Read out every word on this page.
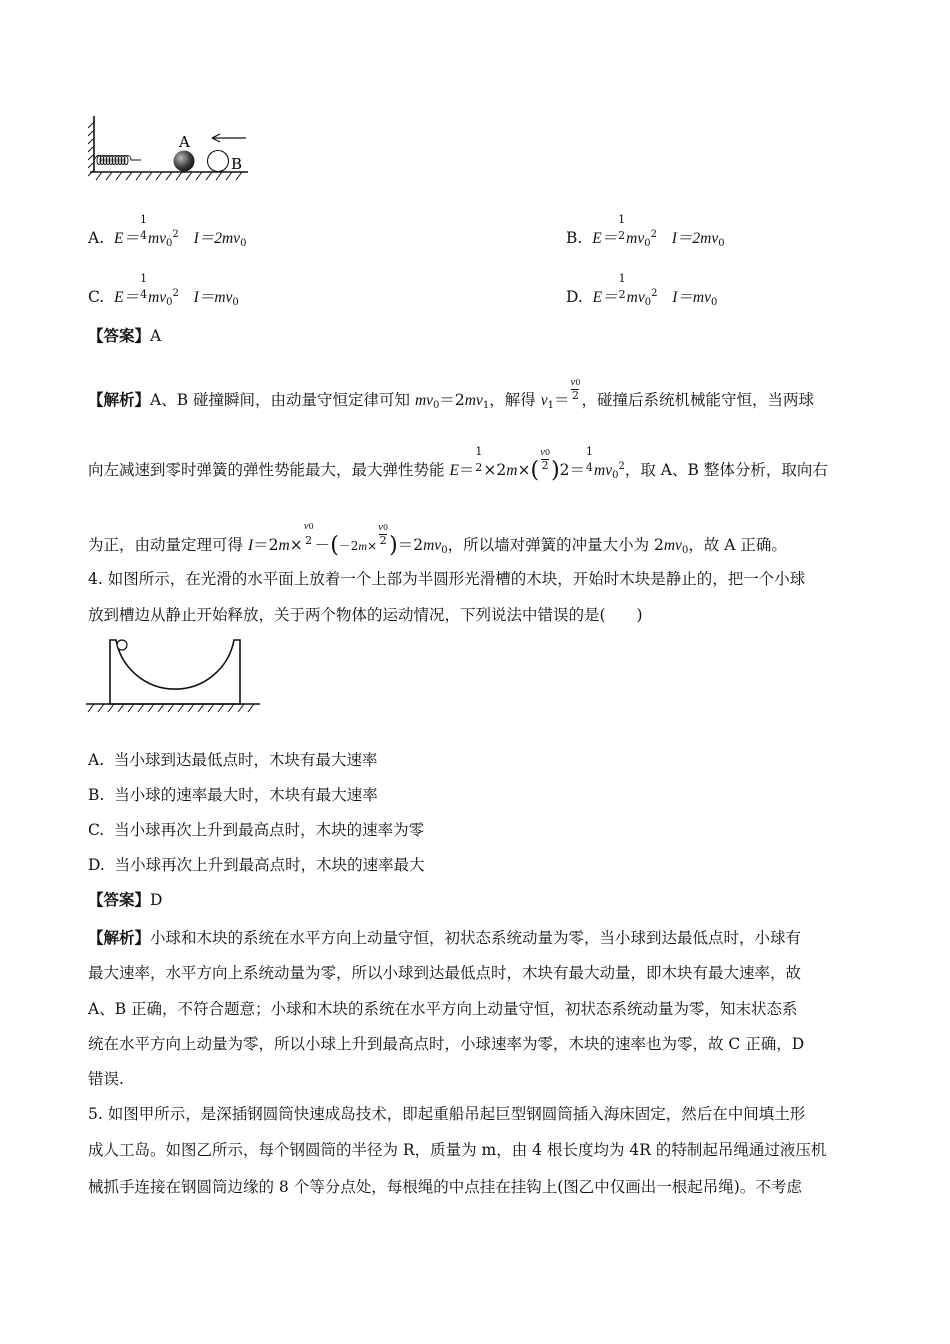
A
B
A. E＝
1
4 $mv_0^2$ $I=2mv_0$	B. E＝
1
2 $mv_0^2$ $I=2mv_0$
C. E＝
1
4 $mv_0^2$ $I=mv_0$	D. E＝
1
2 $mv_0^2$ $I=mv_0$
【答案】A
【解析】A、B 碰撞瞬间，由动量守恒定律可知 $mv_0=2mv_1$，解得 $v_1= \frac{v0}{2}$ ，碰撞后系统机械能守恒，当两球
向左减速到零时弹簧的弹性势能最大，最大弹性势能 E＝
1
$2 \times 2m\times( \frac{v0}{2} )2=$
1
4 $mv_0^2$，取 A、B 整体分析，取向右
为正，由动量定理可得 I＝2m×
v0
$2 -(-2m\times \frac{v0}{2} )=2mv_0$，所以墙对弹簧的冲量大小为 $2mv_0$，故 A 正确。
4. 如图所示，在光滑的水平面上放着一个上部为半圆形光滑槽的木块，开始时木块是静止的，把一个小球
放到槽边从静止开始释放，关于两个物体的运动情况，下列说法中错误的是(　　)
A. 当小球到达最低点时，木块有最大速率
B. 当小球的速率最大时，木块有最大速率
C. 当小球再次上升到最高点时，木块的速率为零
D. 当小球再次上升到最高点时，木块的速率最大
【答案】D
【解析】小球和木块的系统在水平方向上动量守恒，初状态系统动量为零，当小球到达最低点时，小球有
最大速率，水平方向上系统动量为零，所以小球到达最低点时，木块有最大动量，即木块有最大速率，故
A、B 正确，不符合题意；小球和木块的系统在水平方向上动量守恒，初状态系统动量为零，知末状态系
统在水平方向上动量为零，所以小球上升到最高点时，小球速率为零，木块的速率也为零，故 C 正确，D
错误.
5. 如图甲所示，是深插钢圆筒快速成岛技术，即起重船吊起巨型钢圆筒插入海床固定，然后在中间填土形
成人工岛。如图乙所示，每个钢圆筒的半径为 R，质量为 m，由 4 根长度均为 4R 的特制起吊绳通过液压机
械抓手连接在钢圆筒边缘的 8 个等分点处，每根绳的中点挂在挂钩上(图乙中仅画出一根起吊绳)。不考虑
